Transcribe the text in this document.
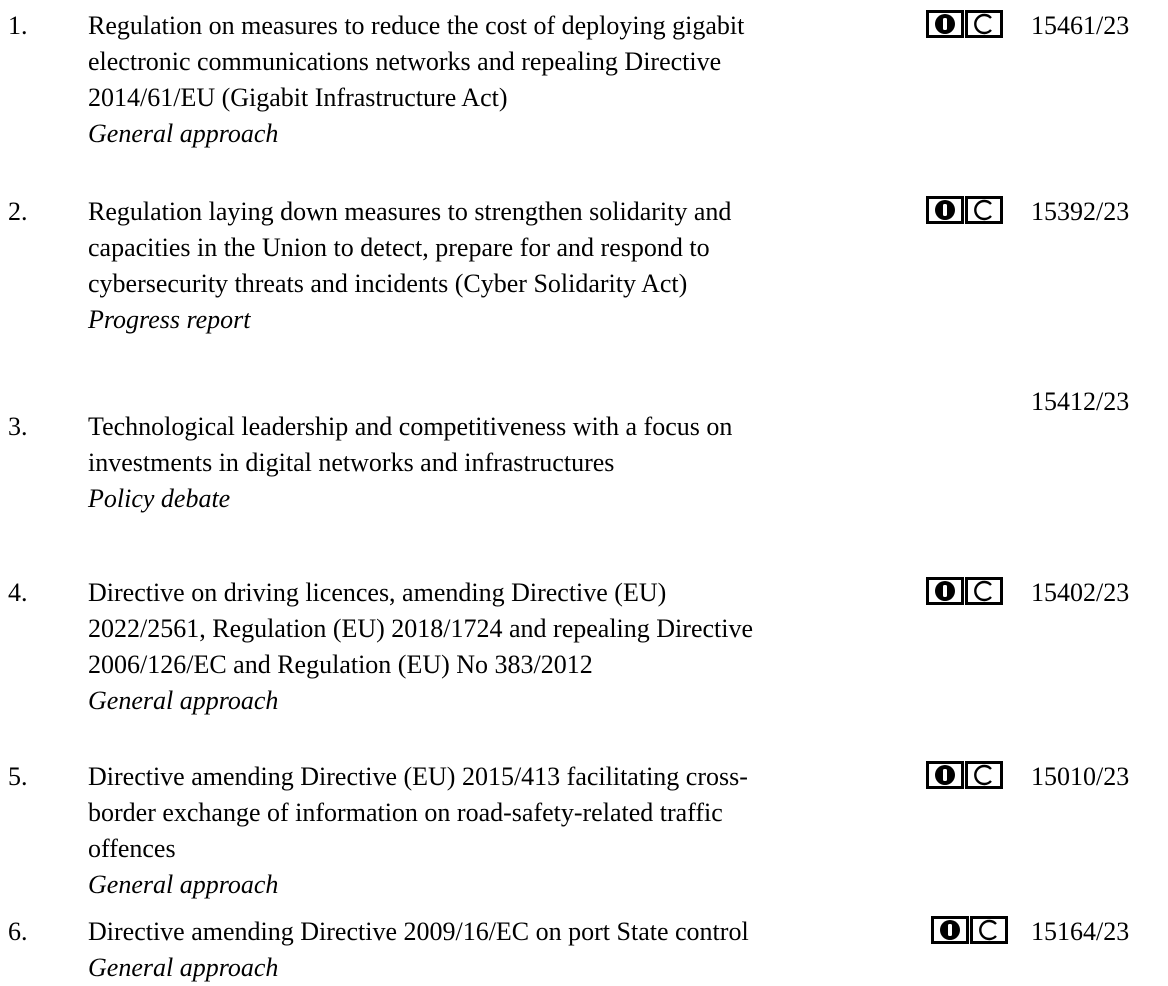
1. Regulation on measures to reduce the cost of deploying gigabit
electronic communications networks and repealing Directive
2014/61/EU (Gigabit Infrastructure Act)
General approach
15461/23
2. Regulation laying down measures to strengthen solidarity and
capacities in the Union to detect, prepare for and respond to
cybersecurity threats and incidents (Cyber Solidarity Act)
Progress report
15392/23
3. Technological leadership and competitiveness with a focus on
investments in digital networks and infrastructures
Policy debate
15412/23
4. Directive on driving licences, amending Directive (EU)
2022/2561, Regulation (EU) 2018/1724 and repealing Directive
2006/126/EC and Regulation (EU) No 383/2012
General approach
15402/23
5. Directive amending Directive (EU) 2015/413 facilitating cross-
border exchange of information on road-safety-related traffic
offences
General approach
15010/23
6. Directive amending Directive 2009/16/EC on port State control
General approach
15164/23
